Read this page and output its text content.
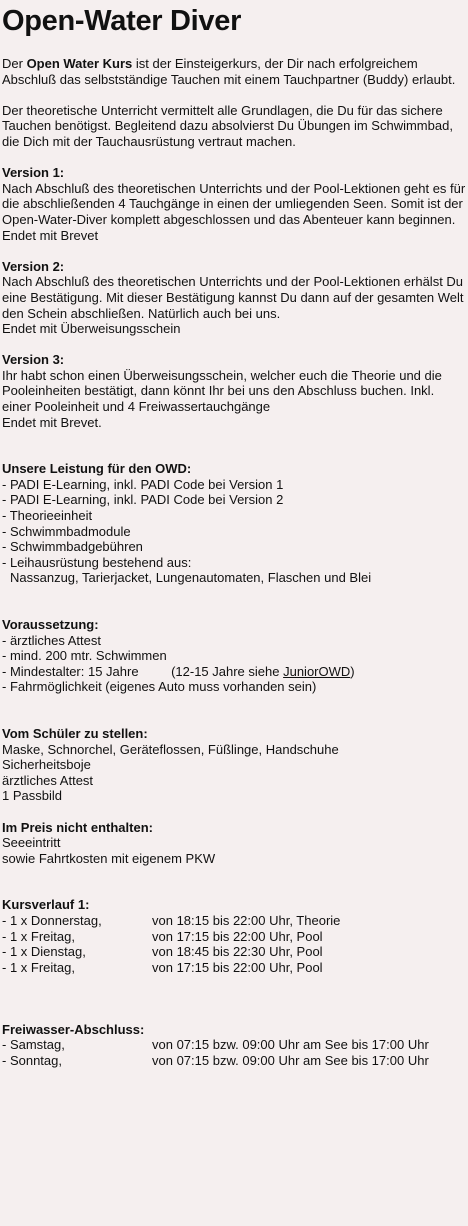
Open-Water Diver

Der Open Water Kurs ist der Einsteigerkurs, der Dir nach erfolgreichem Abschluß das selbstständige Tauchen mit einem Tauchpartner (Buddy) erlaubt.

Der theoretische Unterricht vermittelt alle Grundlagen, die Du für das sichere Tauchen benötigst. Begleitend dazu absolvierst Du Übungen im Schwimmbad, die Dich mit der Tauchausrüstung vertraut machen.

Version 1:

Nach Abschluß des theoretischen Unterrichts und der Pool-Lektionen geht es für die abschließenden 4 Tauchgänge in einen der umliegenden Seen. Somit ist der Open-Water-Diver komplett abgeschlossen und das Abenteuer kann beginnen.

Endet mit Brevet

Version 2:

Nach Abschluß des theoretischen Unterrichts und der Pool-Lektionen erhälst Du eine Bestätigung. Mit dieser Bestätigung kannst Du dann auf der gesamten Welt den Schein abschließen. Natürlich auch bei uns.

Endet mit Überweisungsschein

Version 3:

Ihr habt schon einen Überweisungsschein, welcher euch die Theorie und die Pooleinheiten bestätigt, dann könnt Ihr bei uns den Abschluss buchen. Inkl. einer Pooleinheit und 4 Freiwassertauchgänge

Endet mit Brevet.

Unsere Leistung für den OWD:
- PADI E-Learning, inkl. PADI Code bei Version 1
- PADI E-Learning, inkl. PADI Code bei Version 2
- Theorieeinheit
- Schwimmbadmodule
- Schwimmbadgebühren
- Leihausrüstung bestehend aus:
Nassanzug, Tarierjacket, Lungenautomaten, Flaschen und Blei
Voraussetzung:
- ärztliches Attest
- mind. 200 mtr. Schwimmen
- Mindestalter: 15 Jahre         (12-15 Jahre siehe JuniorOWD)
- Fahrmöglichkeit (eigenes Auto muss vorhanden sein)
Vom Schüler zu stellen:
Maske, Schnorchel, Geräteflossen, Füßlinge, Handschuhe
Sicherheitsboje
ärztliches Attest
1 Passbild
Im Preis nicht enthalten:
Seeeintritt
sowie Fahrtkosten mit eigenem PKW
Kursverlauf 1:
- 1 x Donnerstag,	von 18:15 bis 22:00 Uhr, Theorie
- 1 x Freitag,	von 17:15 bis 22:00 Uhr, Pool
- 1 x Dienstag,	von 18:45 bis 22:30 Uhr, Pool
- 1 x Freitag,	von 17:15 bis 22:00 Uhr, Pool
Freiwasser-Abschluss:
- Samstag,	von 07:15 bzw. 09:00 Uhr am See bis 17:00 Uhr
- Sonntag,	von 07:15 bzw. 09:00 Uhr am See bis 17:00 Uhr
